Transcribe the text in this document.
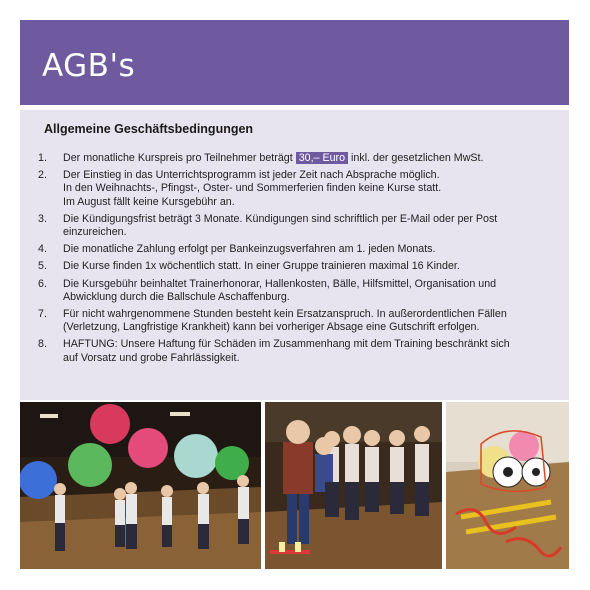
AGB's
Allgemeine Geschäftsbedingungen
1.	Der monatliche Kurspreis pro Teilnehmer beträgt 30,– Euro inkl. der gesetzlichen MwSt.
2.	Der Einstieg in das Unterrichtsprogramm ist jeder Zeit nach Absprache möglich.
In den Weihnachts-, Pfingst-, Oster- und Sommerferien finden keine Kurse statt.
Im August fällt keine Kursgebühr an.
3.	Die Kündigungsfrist beträgt 3 Monate. Kündigungen sind schriftlich per E-Mail oder per Post
einzureichen.
4.	Die monatliche Zahlung erfolgt per Bankeinzugsverfahren am 1. jeden Monats.
5.	Die Kurse finden 1x wöchentlich statt. In einer Gruppe trainieren maximal 16 Kinder.
6.	Die Kursgebühr beinhaltet Trainerhonorar, Hallenkosten, Bälle, Hilfsmittel, Organisation und
Abwicklung durch die Ballschule Aschaffenburg.
7.	Für nicht wahrgenommene Stunden besteht kein Ersatzanspruch. In außerordentlichen Fällen
(Verletzung, Langfristige Krankheit) kann bei vorheriger Absage eine Gutschrift erfolgen.
8.	HAFTUNG: Unsere Haftung für Schäden im Zusammenhang mit dem Training beschränkt sich
auf Vorsatz und grobe Fahrlässigkeit.
